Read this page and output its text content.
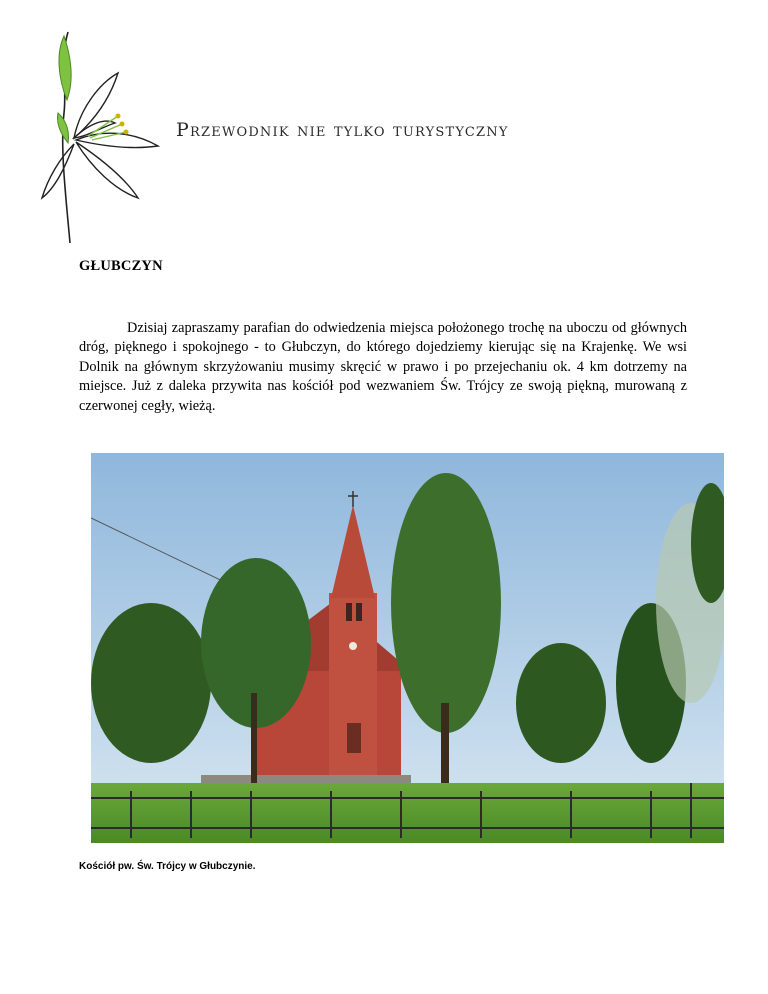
Przewodnik nie tylko turystyczny
GŁUBCZYN

Dzisiaj zapraszamy parafian do odwiedzenia miejsca położonego trochę na uboczu od głównych dróg, pięknego i spokojnego - to Głubczyn, do którego dojedziemy kierując się na Krajenkę. We wsi Dolnik na głównym skrzyżowaniu musimy skręcić w prawo i po przejechaniu ok. 4 km dotrzemy na miejsce. Już z daleka przywita nas kościół pod wezwaniem Św. Trójcy ze swoją piękną, murowaną z czerwonej cegły, wieżą.

Kościół pw. Św. Trójcy w Głubczynie.
